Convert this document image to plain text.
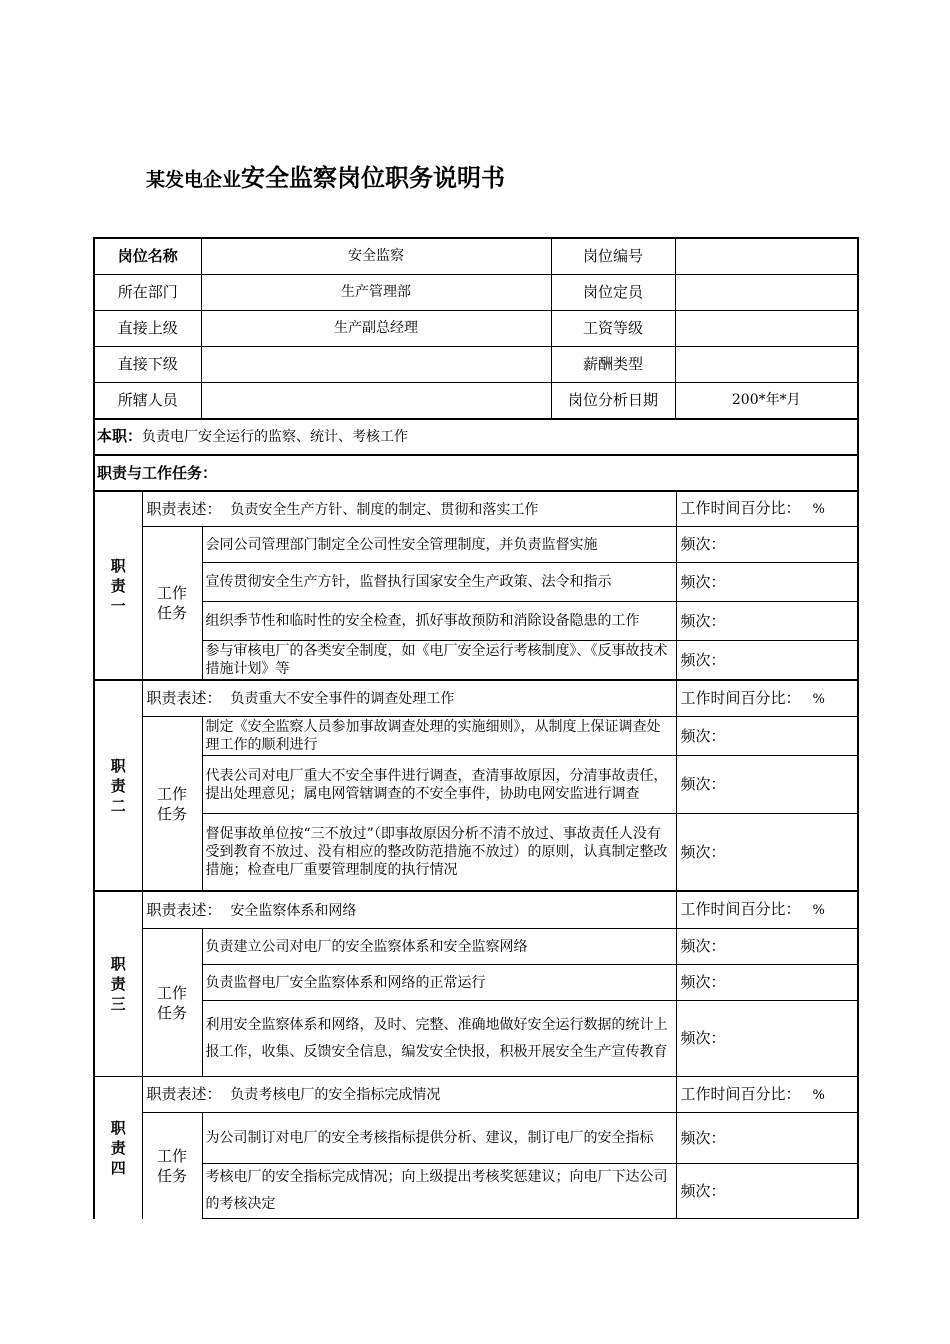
某发电企业安全监察岗位职务说明书
岗位名称	安全监察	岗位编号	
所在部门	生产管理部	岗位定员	
直接上级	生产副总经理	工资等级	
直接下级		薪酬类型	
所辖人员		岗位分析日期	200*年*月
本职：负责电厂安全运行的监察、统计、考核工作
职责与工作任务：
职责一	职责表述： 负责安全生产方针、制度的制定、贯彻和落实工作		工作时间百分比： %
	工作任务	会同公司管理部门制定全公司性安全管理制度，并负责监督实施	频次：
		宣传贯彻安全生产方针，监督执行国家安全生产政策、法令和指示	频次：
		组织季节性和临时性的安全检查，抓好事故预防和消除设备隐患的工作	频次：
		参与审核电厂的各类安全制度，如《电厂安全运行考核制度》、《反事故技术措施计划》等	频次：
职责二	职责表述： 负责重大不安全事件的调查处理工作		工作时间百分比： %
	工作任务	制定《安全监察人员参加事故调查处理的实施细则》，从制度上保证调查处理工作的顺利进行	频次：
		代表公司对电厂重大不安全事件进行调查，查清事故原因，分清事故责任，提出处理意见；属电网管辖调查的不安全事件，协助电网安监进行调查	频次：
		督促事故单位按“三不放过”（即事故原因分析不清不放过、事故责任人没有受到教育不放过、没有相应的整改防范措施不放过）的原则，认真制定整改措施；检查电厂重要管理制度的执行情况	频次：
职责三	职责表述： 安全监察体系和网络		工作时间百分比： %
	工作任务	负责建立公司对电厂的安全监察体系和安全监察网络	频次：
		负责监督电厂安全监察体系和网络的正常运行	频次：
		利用安全监察体系和网络，及时、完整、准确地做好安全运行数据的统计上报工作，收集、反馈安全信息，编发安全快报，积极开展安全生产宣传教育	频次：
职责四	职责表述： 负责考核电厂的安全指标完成情况		工作时间百分比： %
	工作任务	为公司制订对电厂的安全考核指标提供分析、建议，制订电厂的安全指标	频次：
		考核电厂的安全指标完成情况；向上级提出考核奖惩建议；向电厂下达公司的考核决定	频次：
